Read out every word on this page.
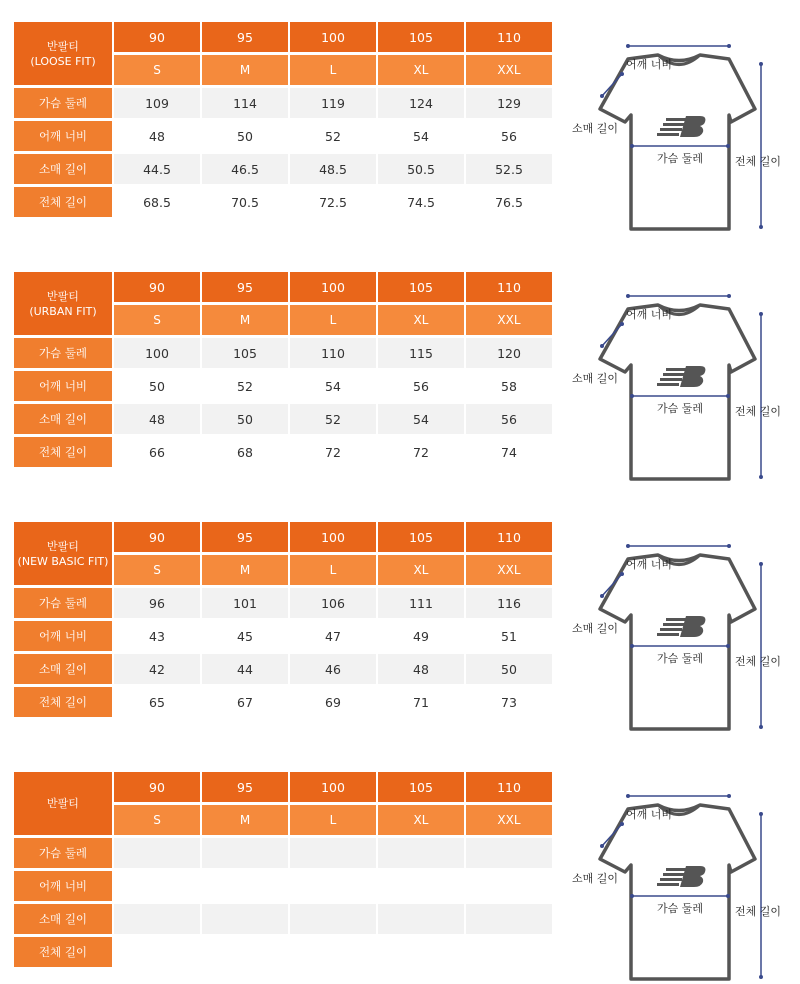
반팔티
(LOOSE FIT)	90	95	100	105	110
	S	M	L	XL	XXL
가슴 둘레	109	114	119	124	129
어깨 너비	48	50	52	54	56
소매 길이	44.5	46.5	48.5	50.5	52.5
전체 길이	68.5	70.5	72.5	74.5	76.5
어깨 너비
소매 길이
가슴 둘레	전체 길이
반팔티
(URBAN FIT)	90	95	100	105	110
	S	M	L	XL	XXL
가슴 둘레	100	105	110	115	120
어깨 너비	50	52	54	56	58
소매 길이	48	50	52	54	56
전체 길이	66	68	72	72	74
어깨 너비
소매 길이
가슴 둘레	전체 길이
반팔티
(NEW BASIC FIT)	90	95	100	105	110
	S	M	L	XL	XXL
가슴 둘레	96	101	106	111	116
어깨 너비	43	45	47	49	51
소매 길이	42	44	46	48	50
전체 길이	65	67	69	71	73
어깨 너비
소매 길이
가슴 둘레	전체 길이
반팔티	90	95	100	105	110
	S	M	L	XL	XXL
가슴 둘레					
어깨 너비					
소매 길이					
전체 길이					
어깨 너비
소매 길이
가슴 둘레	전체 길이
